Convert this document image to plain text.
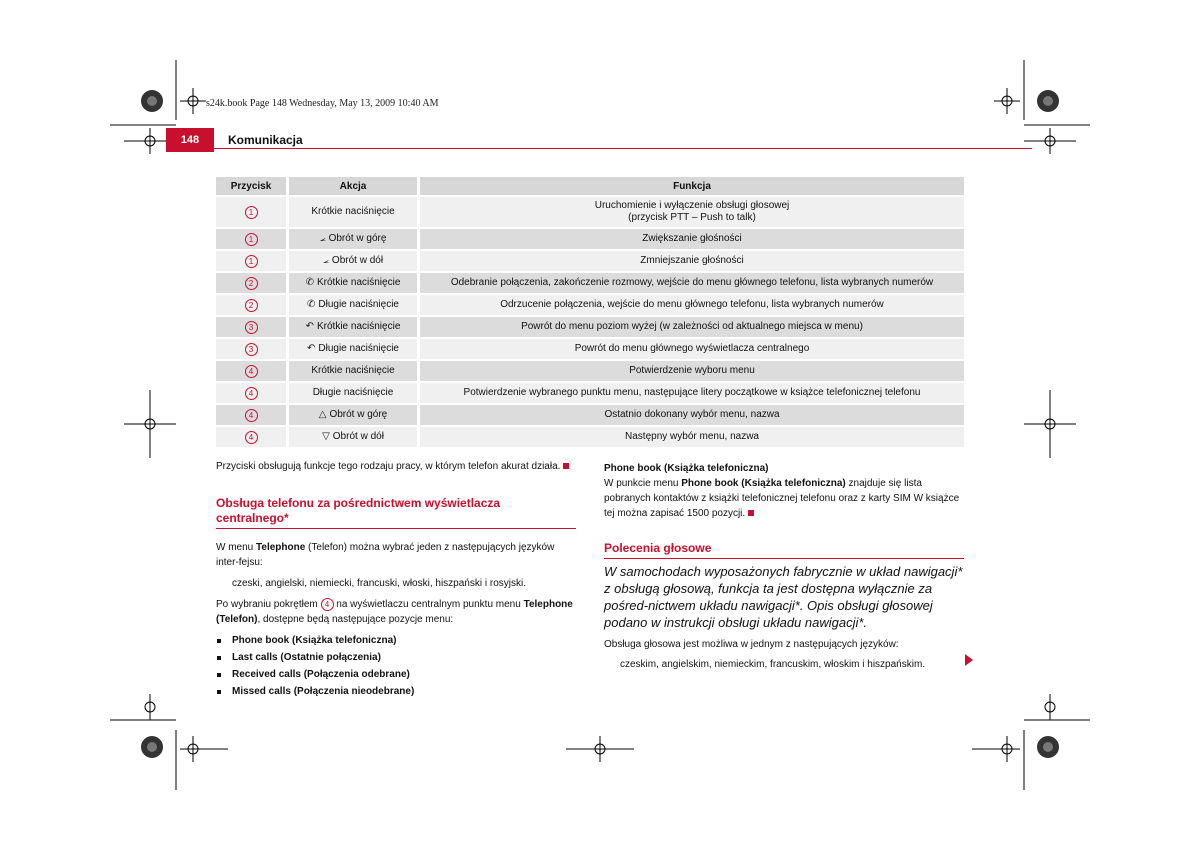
s24k.book Page 148 Wednesday, May 13, 2009 10:40 AM
148	Komunikacja
Przycisk	Akcja	Funkcja
1	Krótkie naciśnięcie	Uruchomienie i wyłączenie obsługi głosowej
(przycisk PTT – Push to talk)

1	⦟ Obrót w górę	Zwiększanie głośności

1	⦟ Obrót w dół	Zmniejszanie głośności

2	✆ Krótkie naciśnięcie	Odebranie połączenia, zakończenie rozmowy, wejście do menu głównego telefonu, lista wybranych numerów

2	✆ Długie naciśnięcie	Odrzucenie połączenia, wejście do menu głównego telefonu, lista wybranych numerów

3	↶ Krótkie naciśnięcie	Powrót do menu poziom wyżej (w zależności od aktualnego miejsca w menu)

3	↶ Długie naciśnięcie	Powrót do menu głównego wyświetlacza centralnego

4	Krótkie naciśnięcie	Potwierdzenie wyboru menu

4	Długie naciśnięcie	Potwierdzenie wybranego punktu menu, następujące litery początkowe w książce telefonicznej telefonu

4	△ Obrót w górę	Ostatnio dokonany wybór menu, nazwa

4	▽ Obrót w dół	Następny wybór menu, nazwa
Przyciski obsługują funkcje tego rodzaju pracy, w którym telefon akurat działa.
Obsługa telefonu za pośrednictwem wyświetlacza centralnego*
W menu Telephone (Telefon) można wybrać jeden z następujących języków inter-fejsu:
czeski, angielski, niemiecki, francuski, włoski, hiszpański i rosyjski.
Po wybraniu pokrętłem 4 na wyświetlaczu centralnym punktu menu Telephone (Telefon), dostępne będą następujące pozycje menu:
Phone book (Książka telefoniczna)
Last calls (Ostatnie połączenia)
Received calls (Połączenia odebrane)
Missed calls (Połączenia nieodebrane)
Phone book (Książka telefoniczna)
W punkcie menu Phone book (Książka telefoniczna) znajduje się lista pobranych kontaktów z książki telefonicznej telefonu oraz z karty SIM W książce tej można zapisać 1500 pozycji.
Polecenia głosowe
W samochodach wyposażonych fabrycznie w układ nawigacji* z obsługą głosową, funkcja ta jest dostępna wyłącznie za pośred-nictwem układu nawigacji*. Opis obsługi głosowej podano w instrukcji obsługi układu nawigacji*.
Obsługa głosowa jest możliwa w jednym z następujących języków:
czeskim, angielskim, niemieckim, francuskim, włoskim i hiszpańskim.
